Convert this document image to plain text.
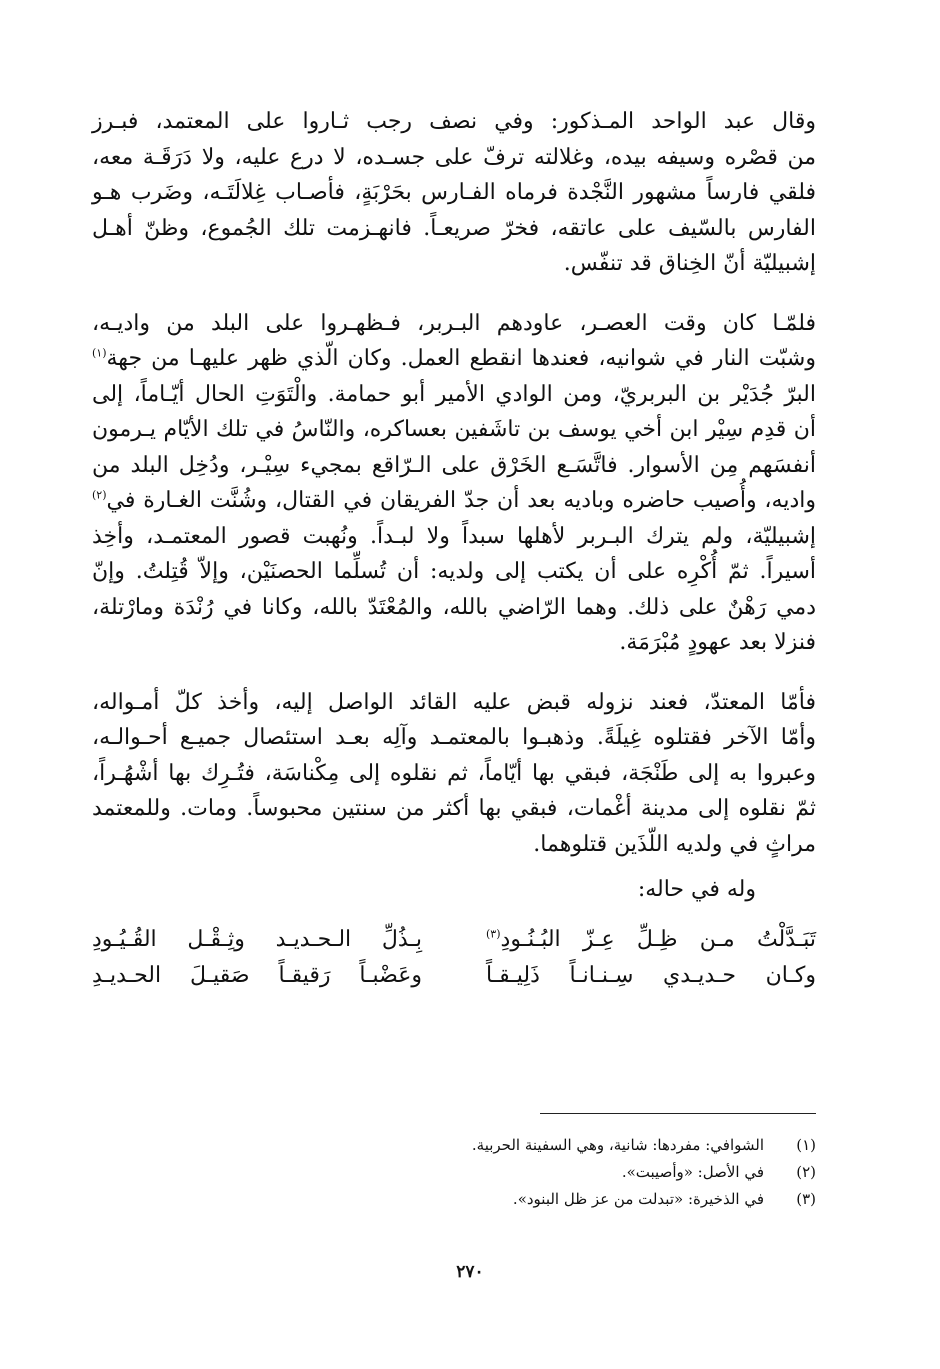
وقال عبد الواحد المـذكور: وفي نصف رجب ثـاروا على المعتمد، فبـرز
من قصْره وسيفه بيده، وغلالته ترفّ على جسـده، لا درع عليه، ولا دَرَقَـة معه،
فلقي فارساً مشهور النَّجْدة فرماه الفـارس بحَرْبَةٍ، فأصـاب غِلالَتَـه، وضَرب هـو
الفارس بالسّيف على عاتقه، فخرّ صريعـاً. فانهـزمت تلك الجُموع، وظنّ أهـل
إشبيليّة أنّ الخِناق قد تنفّس.

فلمّـا كان وقت العصـر، عاودهم البـربر، فـظهـروا على البلد من واديـه،
وشبّت النار في شوانيه، فعندها انقطع العمل. وكان الّذي ظهر عليهـا من جهة$^{(١)}$
البرّ جُدَيْر بن البربريّ، ومن الوادي الأمير أبو حمامة. والْتَوَتِ الحال أيّـاماً، إلى
أن قدِم سِيْر ابن أخي يوسف بن تاشَفين بعساكره، والنّاسُ في تلك الأيّام يـرمون
أنفسَهم مِن الأسوار. فاتَّسَـع الخَرْق على الـرّاقع بمجيء سِيْـر، ودُخِل البلد من
واديه، وأُصيب حاضره وباديه بعد أن جدّ الفريقان في القتال، وشُنَّت الغـارة في$^{(٢)}$
إشبيليّة، ولم يترك البـربر لأهلها سبداً ولا لبـداً. ونُهبت قصور المعتمـد، وأخِذ
أسيراً. ثمّ أُكْرِه على أن يكتب إلى ولديه: أن تُسلِّما الحصنَيْن، وإلاّ قُتِلتُ. وإنّ
دمي رَهْنٌ على ذلك. وهما الرّاضي بالله، والمُعْتَدّ بالله، وكانا في رُنْدَة ومارْتلة،
فنزلا بعد عهودٍ مُبْرَمَة.

فأمّا المعتدّ، فعند نزوله قبض عليه القائد الواصل إليه، وأخذ كلّ أمـواله،
وأمّا الآخر فقتلوه غِيلَةً. وذهبـوا بالمعتمـد وآلِه بعـد استئصال جميـع أحـوالـه،
وعبروا به إلى طَنْجَة، فبقي بها أيّاماً، ثم نقلوه إلى مِكْناسَة، فتُـرِك بها أشْهُـراً،
ثمّ نقلوه إلى مدينة أغْمات، فبقي بها أكثر من سنتين محبوساً. ومات. وللمعتمد
مراثٍ في ولديه اللّذَين قتلوهما.

وله في حاله:

تَبَـدَّلْتُ مـن ظِـلِّ عِـزّ البُـنُـودِ$^{(٣)}$
بِـذُلِّ الـحـديـد وثِـقْـل القُـيُـودِ
وكـان حـديـدي سِـنـانـاً ذَلِيـقـاً
وعَضْبـاً رَقيقـاً صَقيـلَ الحـديـدِ
(١)
الشوافي: مفردها: شانية، وهي السفينة الحربية.
(٢)
في الأصل: «وأصيبت».
(٣)
في الذخيرة: «تبدلت من عز ظل البنود».
٢٧٠
